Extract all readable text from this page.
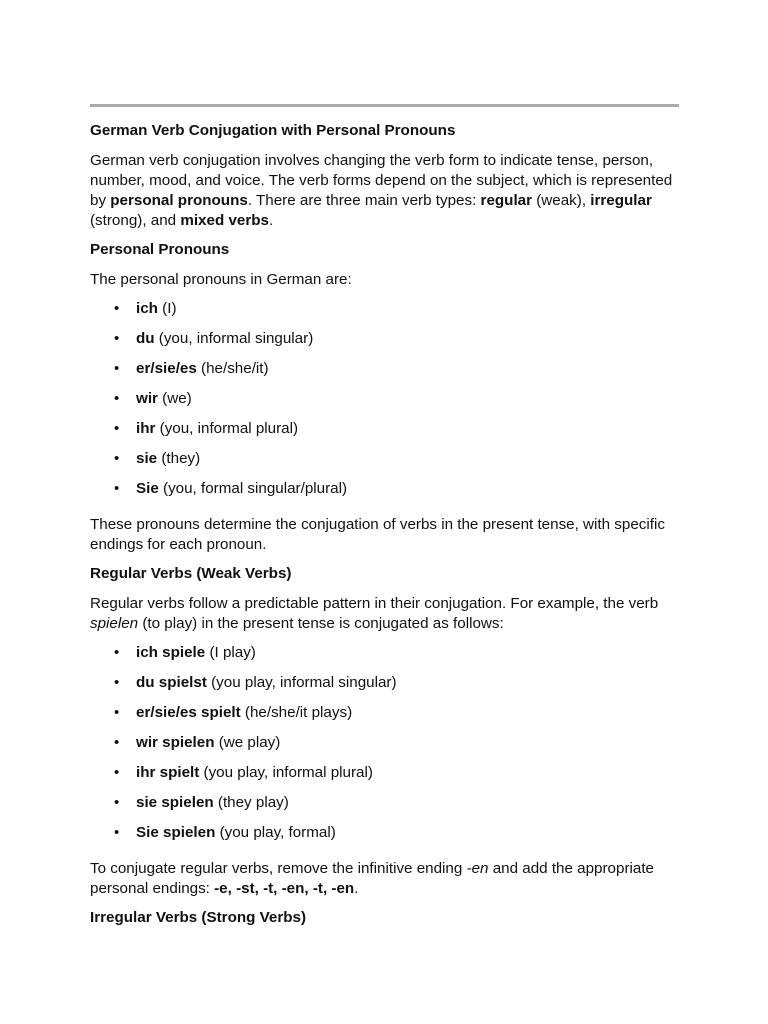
German Verb Conjugation with Personal Pronouns

German verb conjugation involves changing the verb form to indicate tense, person, number, mood, and voice. The verb forms depend on the subject, which is represented by personal pronouns. There are three main verb types: regular (weak), irregular (strong), and mixed verbs.

Personal Pronouns

The personal pronouns in German are:

• ich (I)
• du (you, informal singular)
• er/sie/es (he/she/it)
• wir (we)
• ihr (you, informal plural)
• sie (they)
• Sie (you, formal singular/plural)

These pronouns determine the conjugation of verbs in the present tense, with specific endings for each pronoun.

Regular Verbs (Weak Verbs)

Regular verbs follow a predictable pattern in their conjugation. For example, the verb spielen (to play) in the present tense is conjugated as follows:

• ich spiele (I play)
• du spielst (you play, informal singular)
• er/sie/es spielt (he/she/it plays)
• wir spielen (we play)
• ihr spielt (you play, informal plural)
• sie spielen (they play)
• Sie spielen (you play, formal)

To conjugate regular verbs, remove the infinitive ending -en and add the appropriate personal endings: -e, -st, -t, -en, -t, -en.

Irregular Verbs (Strong Verbs)
